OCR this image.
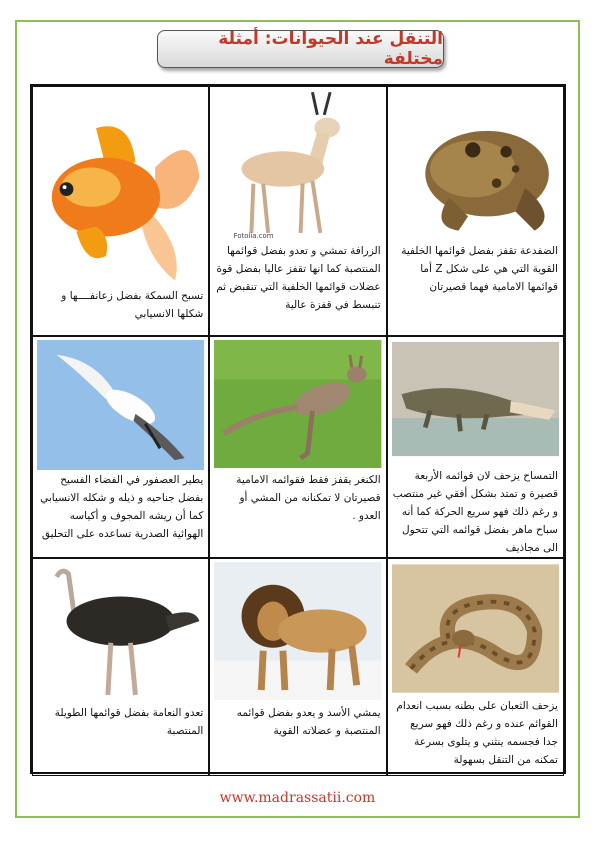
التنقل عند الحيوانات: أمثلة مختلفة
تسبح السمكة بفضل زعانفــــها و شكلها الانسيابي
Fotolia.com
الزرافة تمشي و تعدو بفضل قوائمها المنتصبة كما انها تقفز عاليا بفضل قوة عضلات قوائمها الخلفية التي تنقبض ثم تنبسط في قفزة عالية
الضفدعة تقفز بفضل قوائمها الخلفية القوية التي هي على شكل Z أما قوائمها الامامية فهما قصيرتان
يطير العصفور في الفضاء الفسيح بفضل جناحيه و ذيله و شكله الانسيابي كما أن ريشه المجوف و أكياسه الهوائية الصدرية تساعده على التحليق
الكنغر يقفز فقط فقوائمه الامامية قصيرتان لا تمكنانه من المشي أو العدو .
التمساح يزحف لان قوائمه الأربعة قصيرة و تمتد بشكل أفقي غير منتصب و رغم ذلك فهو سريع الحركة كما أنه سباح ماهر بفضل قوائمه التي تتحول الى مجاذيف
تعدو النعامة بفضل قوائمها الطويلة المنتصبة
يمشي الأسد و يعدو بفضل قوائمه المنتصبة و عضلاته القوية
يزحف الثعبان على بطنه بسبب انعدام القوائم عنده و رغم ذلك فهو سريع جدا فجسمه ينثني و يتلوى بسرعة تمكنه من التنقل بسهولة
www.madrassatii.com
